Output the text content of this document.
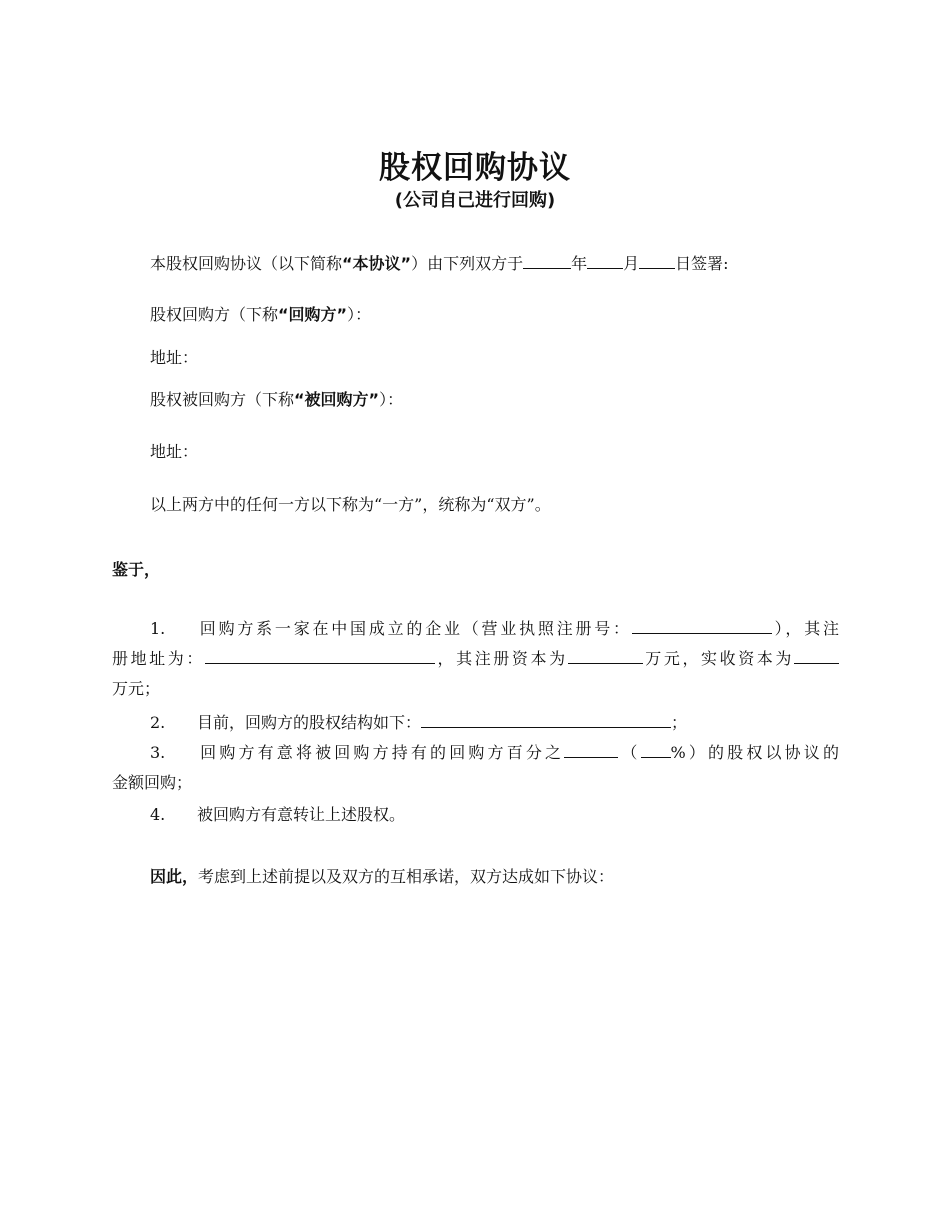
股权回购协议
(公司自己进行回购)
本股权回购协议（以下简称“本协议”）由下列双方于	年 月 日签署:
股权回购方（下称“回购方”）：
地址：
股权被回购方（下称“被回购方”）：
地址：
以上两方中的任何一方以下称为“一方”，统称为“双方”。
鉴于，
1. 回购方系一家在中国成立的企业（营业执照注册号：	），其注
册地址为：	，其注册资本为	万元，实收资本为
万元；
2. 目前，回购方的股权结构如下：	；
3. 回购方有意将被回购方持有的回购方百分之	（ %）的股权以协议的
金额回购；
4. 被回购方有意转让上述股权。
因此，考虑到上述前提以及双方的互相承诺，双方达成如下协议：
